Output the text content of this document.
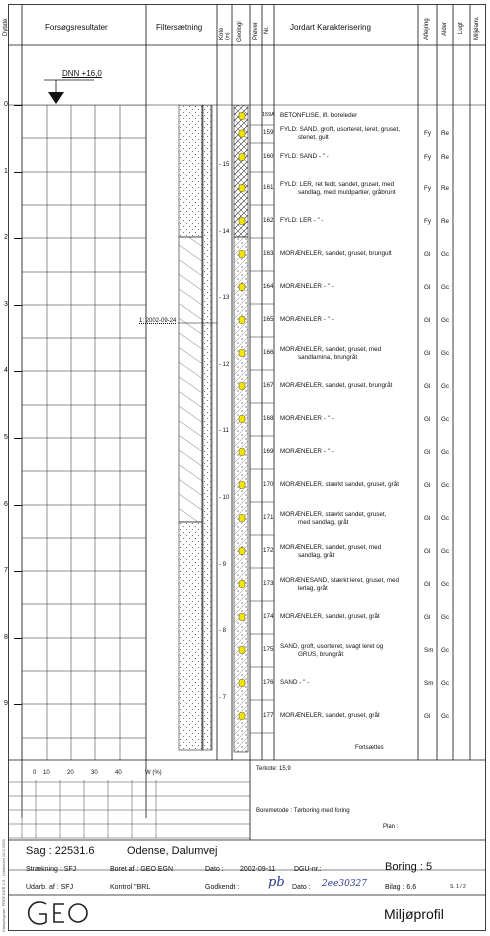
Dybde	Forsøgsresultater	Filtersætning
Kote (m) Geologi Prøver Nr.	Jordart Karakterisering	Aflejring Alder Lugt Miljøanv.
DNN +16,0
1: 2002-09-24
0
1
2
3
4
5
6
7
8
9
- 15
- 14
- 13
- 12
- 11
- 10
- 9
- 8
- 7
159A BETONFLISE, ifl. boreleder
159 FYLD: SAND, groft, usorteret, leret, gruset,
stenet, gult
Fy Re
160 FYLD: SAND - " -	Fy Re
161 FYLD: LER, ret fedt, sandet, gruset, med
sandlag, med muldpartier, gråbrunt
Fy Re
162 FYLD: LER - " -	Fy Re
163 MORÆNELER, sandet, gruset, brungult	Gl Gc
164 MORÆNELER - " -	Gl Gc
165 MORÆNELER - " -	Gl Gc
166 MORÆNELER, sandet, gruset, med
sandlamina, brungråt
Gl Gc
167 MORÆNELER, sandet, gruset, brungråt	Gl Gc
168 MORÆNELER - " -	Gl Gc
169 MORÆNELER - " -	Gl Gc
170 MORÆNELER, stærkt sandet, gruset, gråt	Gl Gc
171 MORÆNELER, stærkt sandet, gruset,
med sandlag, gråt
Gl Gc
172 MORÆNELER, sandet, gruset, med
sandlag, gråt
Gl Gc
173 MORÆNESAND, stærkt leret, gruset, med
lerlag, gråt
Gl Gc
174 MORÆNELER, sandet, gruset, gråt	Gl Gc
175 SAND, groft, usorteret, svagt leret og
GRUS, brungråt
Sm Gc
176 SAND - " -	Sm Gc
177 MORÆNELER, sandet, gruset, gråt	Gl Gc
Fortsættes
0 10	20	30	40	W (%)
Terkote: 15,9
Boremetode : Tørboring med foring
Plan :
Sag : 22531.6	Odense, Dalumvej
Strækning : SFJ	Boret af : GEO EGN	Dato : 2002-09-11	DGU-nr.:	Boring : 5
Udarb. af : SFJ	Kontrol "BRL	Godkendt : pb Dato : 2ee30327	Bilag : 6.6	S. 1 / 2
Miljøprofil
Dataprogram: PROFILER 2.0 - Udskrevet 10.0.2003
